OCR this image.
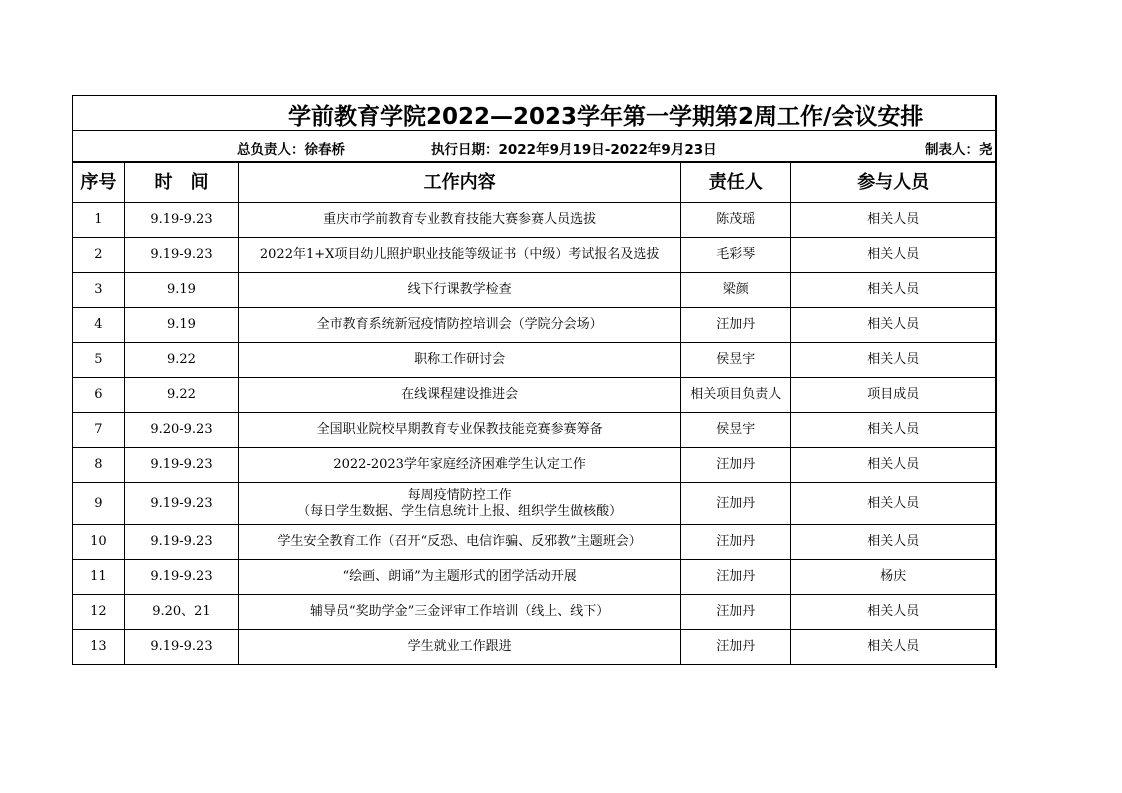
学前教育学院2022—2023学年第一学期第2周工作/会议安排
总负责人：徐春桥	执行日期：2022年9月19日-2022年9月23日	制表人：尧
序号	时　间	工作内容	责任人	参与人员
1	9.19-9.23	重庆市学前教育专业教育技能大赛参赛人员选拔	陈茂瑶	相关人员
2	9.19-9.23	2022年1+X项目幼儿照护职业技能等级证书（中级）考试报名及选拔	毛彩琴	相关人员
3	9.19	线下行课教学检查	梁颜	相关人员
4	9.19	全市教育系统新冠疫情防控培训会（学院分会场）	汪加丹	相关人员
5	9.22	职称工作研讨会	侯昱宇	相关人员
6	9.22	在线课程建设推进会	相关项目负责人	项目成员
7	9.20-9.23	全国职业院校早期教育专业保教技能竞赛参赛筹备	侯昱宇	相关人员
8	9.19-9.23	2022-2023学年家庭经济困难学生认定工作	汪加丹	相关人员
9	9.19-9.23	每周疫情防控工作
（每日学生数据、学生信息统计上报、组织学生做核酸）	汪加丹	相关人员
10	9.19-9.23	学生安全教育工作（召开“反恐、电信诈骗、反邪教”主题班会）	汪加丹	相关人员
11	9.19-9.23	“绘画、朗诵”为主题形式的团学活动开展	汪加丹	杨庆
12	9.20、21	辅导员“奖助学金”三金评审工作培训（线上、线下）	汪加丹	相关人员
13	9.19-9.23	学生就业工作跟进	汪加丹	相关人员
